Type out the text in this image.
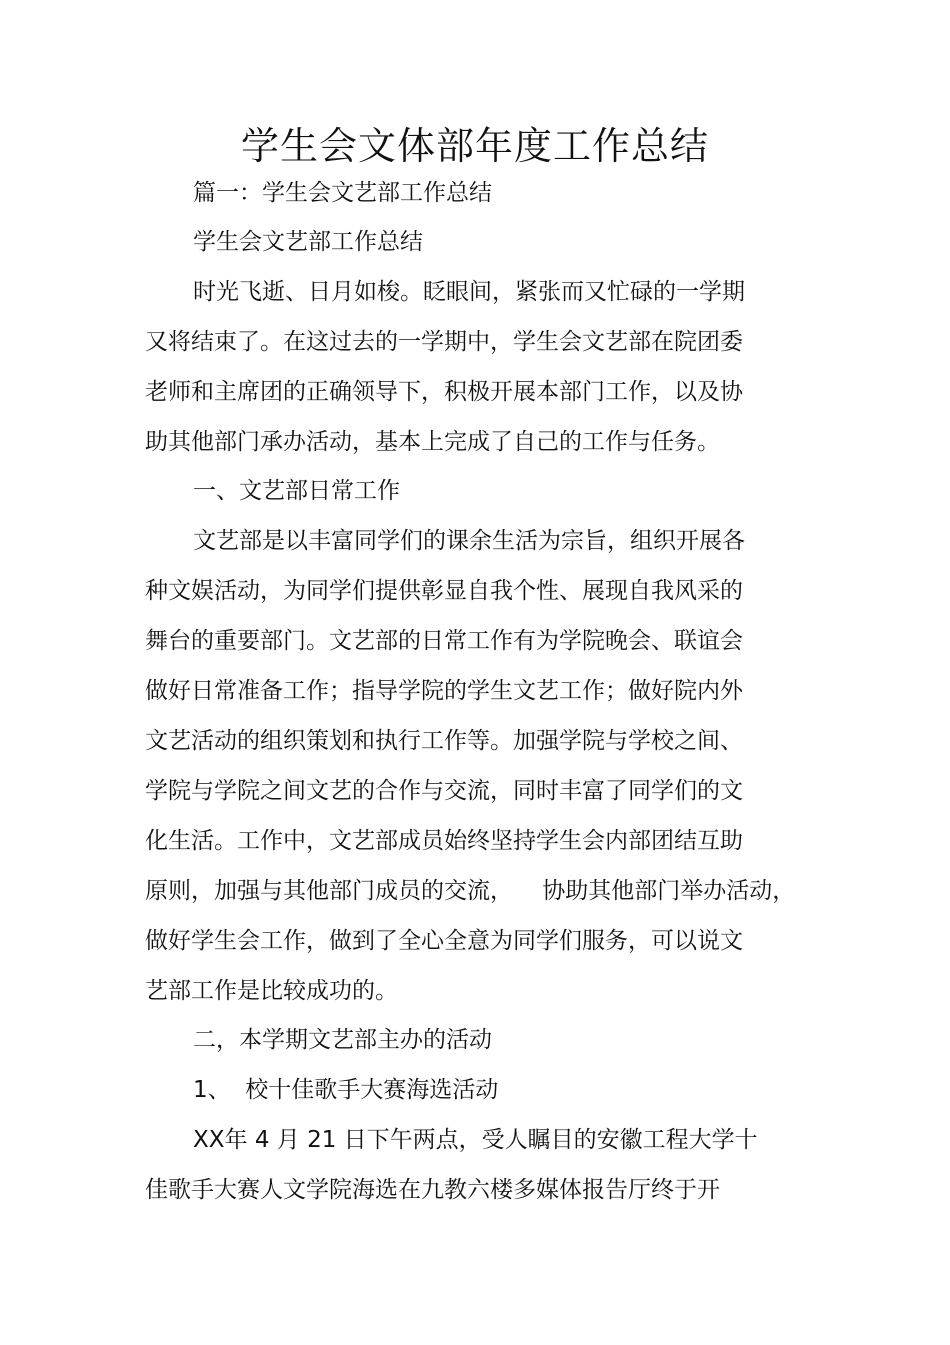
学生会文体部年度工作总结
篇一：学生会文艺部工作总结
学生会文艺部工作总结
时光飞逝、日月如梭。眨眼间，紧张而又忙碌的一学期
又将结束了。在这过去的一学期中，学生会文艺部在院团委
老师和主席团的正确领导下，积极开展本部门工作，以及协
助其他部门承办活动，基本上完成了自己的工作与任务。
一、文艺部日常工作
文艺部是以丰富同学们的课余生活为宗旨，组织开展各
种文娱活动，为同学们提供彰显自我个性、展现自我风采的
舞台的重要部门。文艺部的日常工作有为学院晚会、联谊会
做好日常准备工作；指导学院的学生文艺工作；做好院内外
文艺活动的组织策划和执行工作等。加强学院与学校之间、
学院与学院之间文艺的合作与交流，同时丰富了同学们的文
化生活。工作中，文艺部成员始终坚持学生会内部团结互助
原则，加强与其他部门成员的交流，    协助其他部门举办活动，
做好学生会工作，做到了全心全意为同学们服务，可以说文
艺部工作是比较成功的。
二，本学期文艺部主办的活动
1、  校十佳歌手大赛海选活动
XX年 4 月 21 日下午两点，受人瞩目的安徽工程大学十
佳歌手大赛人文学院海选在九教六楼多媒体报告厅终于开
